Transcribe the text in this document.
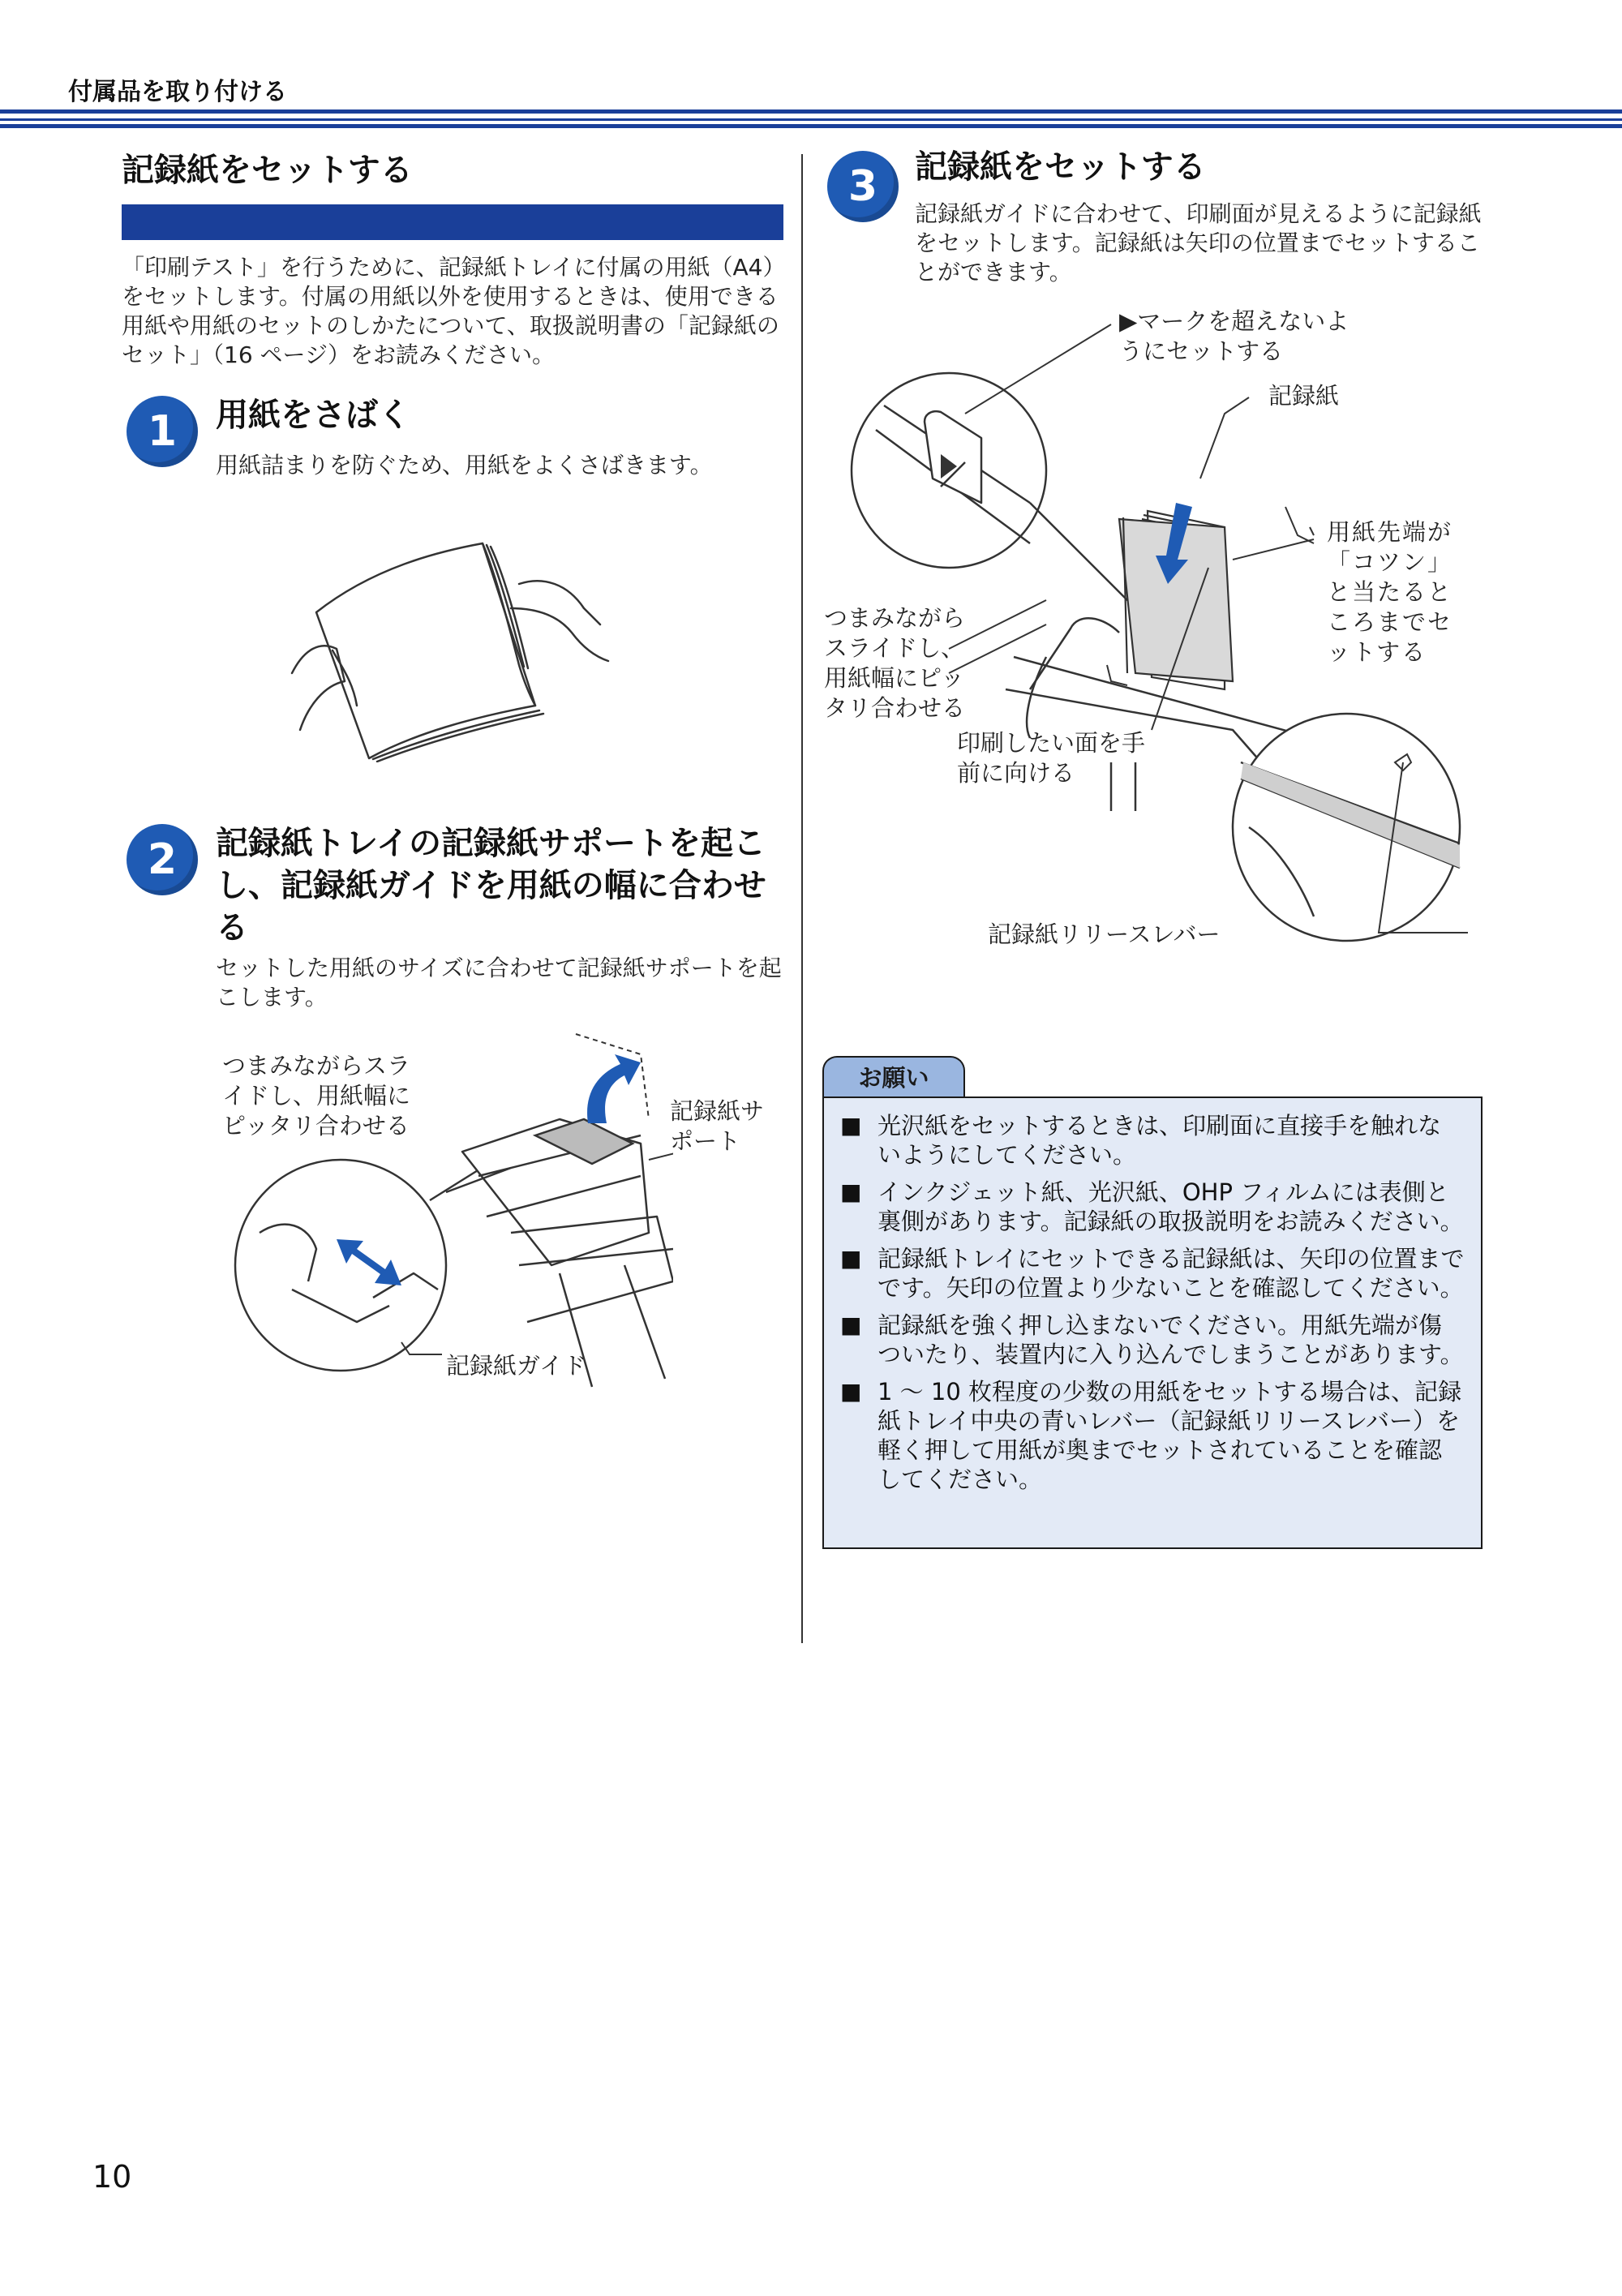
付属品を取り付ける
記録紙をセットする
「印刷テスト」を行うために、記録紙トレイに付属の用紙（A4）をセットします。付属の用紙以外を使用するときは、使用できる用紙や用紙のセットのしかたについて、取扱説明書の「記録紙のセット」（16 ページ）をお読みください。
1	用紙をさばく
用紙詰まりを防ぐため、用紙をよくさばきます。
2	記録紙トレイの記録紙サポートを起こし、記録紙ガイドを用紙の幅に合わせる
セットした用紙のサイズに合わせて記録紙サポートを起こします。
つまみながらスライドし、用紙幅にピッタリ合わせる
記録紙サポート
記録紙ガイド
3	記録紙をセットする
記録紙ガイドに合わせて、印刷面が見えるように記録紙をセットします。記録紙は矢印の位置までセットすることができます。
▶マークを超えないようにセットする
記録紙
用紙先端が「コツン」と当たるところまでセットする
つまみながらスライドし、用紙幅にピッタリ合わせる
印刷したい面を手前に向ける
記録紙リリースレバー
お願い
■ 光沢紙をセットするときは、印刷面に直接手を触れないようにしてください。
■ インクジェット紙、光沢紙、OHP フィルムには表側と裏側があります。記録紙の取扱説明をお読みください。
■ 記録紙トレイにセットできる記録紙は、矢印の位置までです。矢印の位置より少ないことを確認してください。
■ 記録紙を強く押し込まないでください。用紙先端が傷ついたり、装置内に入り込んでしまうことがあります。
■ 1 〜 10 枚程度の少数の用紙をセットする場合は、記録紙トレイ中央の青いレバー（記録紙リリースレバー）を軽く押して用紙が奥までセットされていることを確認してください。
10
